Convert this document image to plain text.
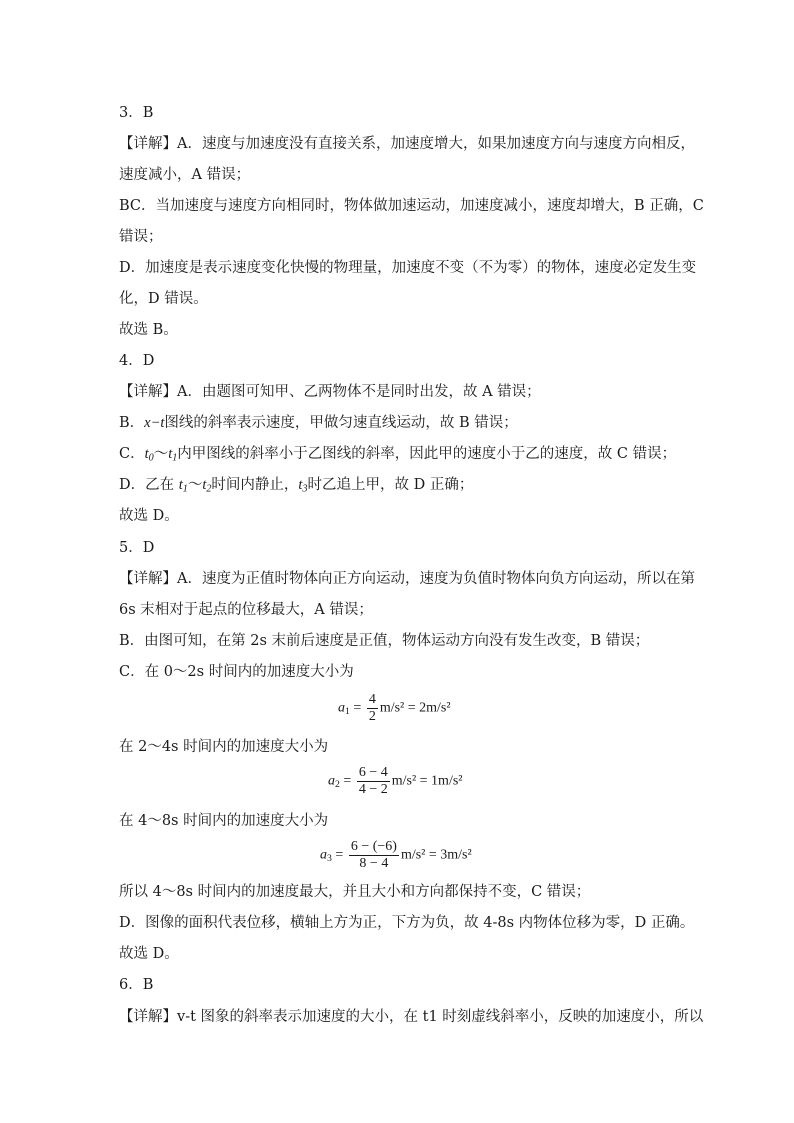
3．B
【详解】A．速度与加速度没有直接关系，加速度增大，如果加速度方向与速度方向相反，
速度减小，A 错误；
BC．当加速度与速度方向相同时，物体做加速运动，加速度减小，速度却增大，B 正确，C
错误；
D．加速度是表示速度变化快慢的物理量，加速度不变（不为零）的物体，速度必定发生变
化，D 错误。
故选 B。
4．D
【详解】A．由题图可知甲、乙两物体不是同时出发，故 A 错误；
B．x−t图线的斜率表示速度，甲做匀速直线运动，故 B 错误；
C．$t_0\sim t_1$内甲图线的斜率小于乙图线的斜率，因此甲的速度小于乙的速度，故 C 错误；
D．乙在 $t_1\sim t_2$时间内静止，$t_3$时乙追上甲，故 D 正确；
故选 D。
5．D
【详解】A．速度为正值时物体向正方向运动，速度为负值时物体向负方向运动，所以在第
6s 末相对于起点的位移最大，A 错误；
B．由图可知，在第 2s 末前后速度是正值，物体运动方向没有发生改变，B 错误；
C．在 0～2s 时间内的加速度大小为
$a_1 = \frac{4}{2} m/s^2 = 2m/s^2$
在 2～4s 时间内的加速度大小为
$a_2 = \frac{6 - 4}{4 - 2} m/s^2 = 1m/s^2$
在 4～8s 时间内的加速度大小为
$a_3 = \frac{6 - (-6)}{8 - 4} m/s^2 = 3m/s^2$
所以 4～8s 时间内的加速度最大，并且大小和方向都保持不变，C 错误；
D．图像的面积代表位移，横轴上方为正，下方为负，故 4-8s 内物体位移为零，D 正确。
故选 D。
6．B
【详解】v-t 图象的斜率表示加速度的大小，在 t1 时刻虚线斜率小，反映的加速度小，所以
